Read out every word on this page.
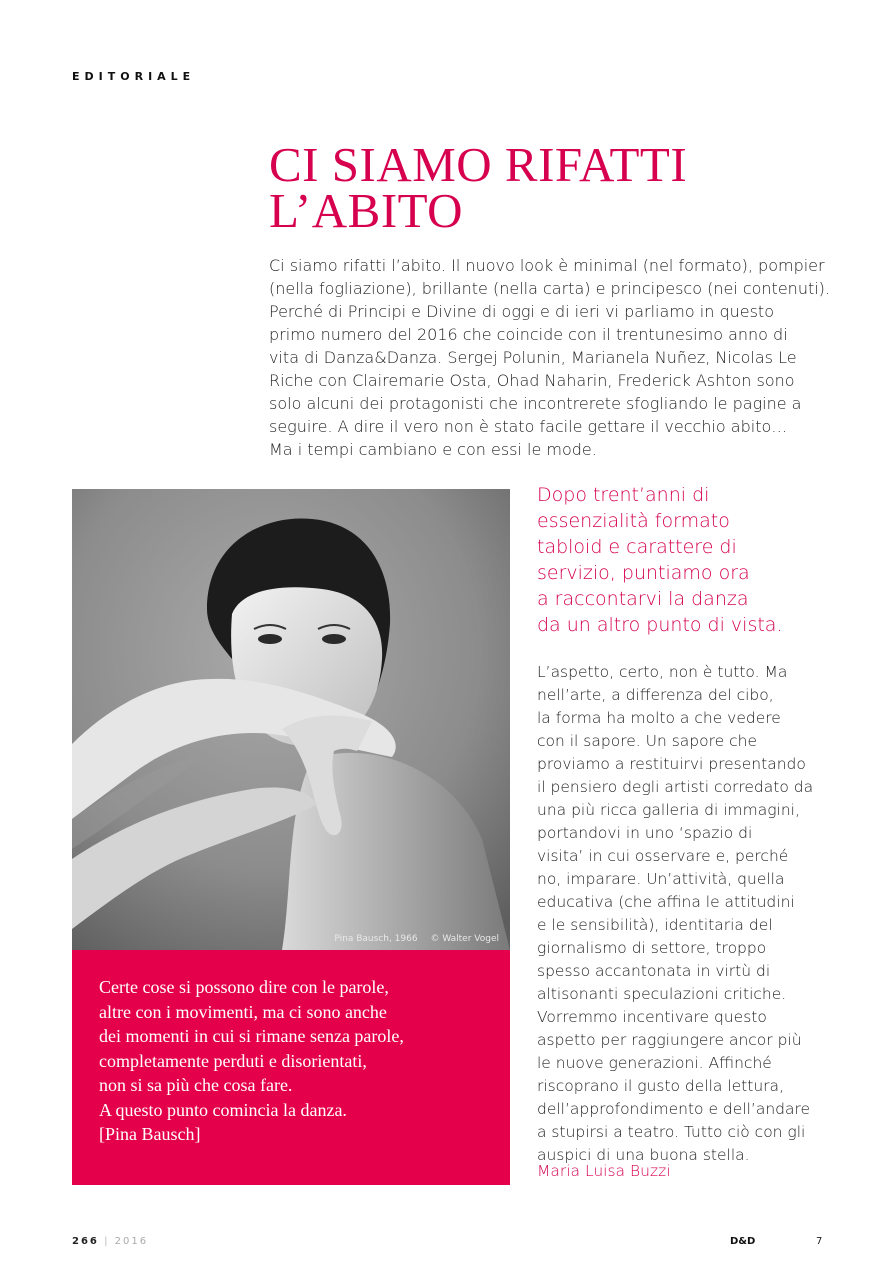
EDITORIALE
CI SIAMO RIFATTI
L’ABITO
Ci siamo rifatti l’abito. Il nuovo look è minimal (nel formato), pompier
(nella fogliazione), brillante (nella carta) e principesco (nei contenuti).
Perché di Principi e Divine di oggi e di ieri vi parliamo in questo
primo numero del 2016 che coincide con il trentunesimo anno di
vita di Danza&Danza. Sergej Polunin, Marianela Nuñez, Nicolas Le
Riche con Clairemarie Osta, Ohad Naharin, Frederick Ashton sono
solo alcuni dei protagonisti che incontrerete sfogliando le pagine a
seguire. A dire il vero non è stato facile gettare il vecchio abito…
Ma i tempi cambiano e con essi le mode.
Pina Bausch, 1966 © Walter Vogel
Certe cose si possono dire con le parole,
altre con i movimenti, ma ci sono anche
dei momenti in cui si rimane senza parole,
completamente perduti e disorientati,
non si sa più che cosa fare.
A questo punto comincia la danza.
[Pina Bausch]
Dopo trent’anni di
essenzialità formato
tabloid e carattere di
servizio, puntiamo ora
a raccontarvi la danza
da un altro punto di vista.
L’aspetto, certo, non è tutto. Ma
nell’arte, a differenza del cibo,
la forma ha molto a che vedere
con il sapore. Un sapore che
proviamo a restituirvi presentando
il pensiero degli artisti corredato da
una più ricca galleria di immagini,
portandovi in uno ‘spazio di
visita’ in cui osservare e, perché
no, imparare. Un’attività, quella
educativa (che affina le attitudini
e le sensibilità), identitaria del
giornalismo di settore, troppo
spesso accantonata in virtù di
altisonanti speculazioni critiche.
Vorremmo incentivare questo
aspetto per raggiungere ancor più
le nuove generazioni. Affinché
riscoprano il gusto della lettura,
dell’approfondimento e dell’andare
a stupirsi a teatro. Tutto ciò con gli
auspici di una buona stella.
Maria Luisa Buzzi
266 | 2016	D&D	7
